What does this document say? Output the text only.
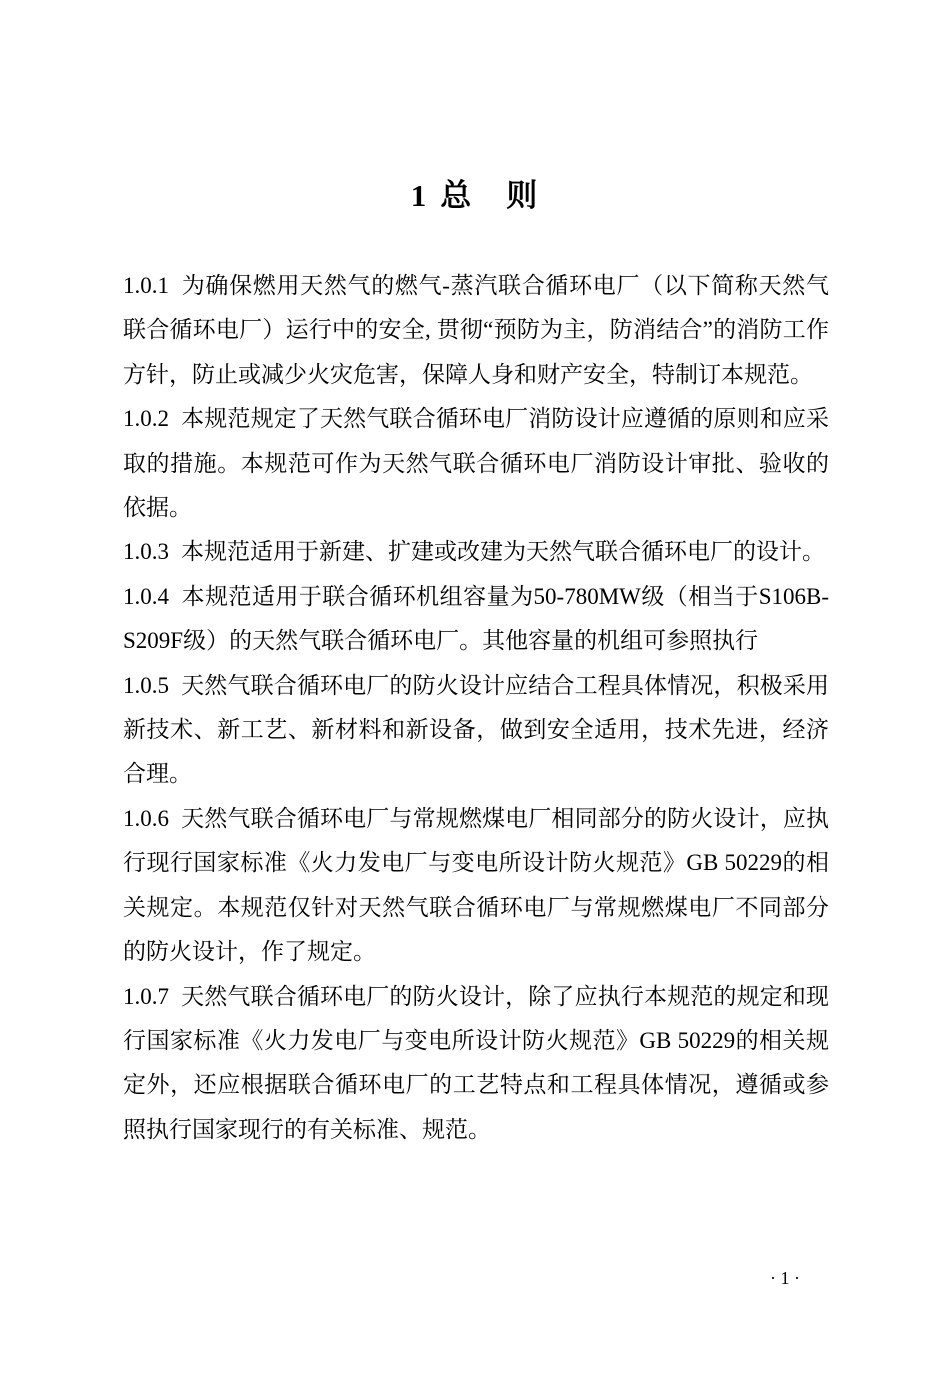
1 总　则

1.0.1 为确保燃用天然气的燃气-蒸汽联合循环电厂（以下简称天然气联合循环电厂）运行中的安全, 贯彻“预防为主，防消结合”的消防工作方针，防止或减少火灾危害，保障人身和财产安全，特制订本规范。

1.0.2 本规范规定了天然气联合循环电厂消防设计应遵循的原则和应采取的措施。本规范可作为天然气联合循环电厂消防设计审批、验收的依据。

1.0.3 本规范适用于新建、扩建或改建为天然气联合循环电厂的设计。

1.0.4 本规范适用于联合循环机组容量为50-780MW级（相当于S106B-S209F级）的天然气联合循环电厂。其他容量的机组可参照执行

1.0.5 天然气联合循环电厂的防火设计应结合工程具体情况，积极采用新技术、新工艺、新材料和新设备，做到安全适用，技术先进，经济合理。

1.0.6 天然气联合循环电厂与常规燃煤电厂相同部分的防火设计，应执行现行国家标准《火力发电厂与变电所设计防火规范》GB 50229的相关规定。本规范仅针对天然气联合循环电厂与常规燃煤电厂不同部分的防火设计，作了规定。

1.0.7 天然气联合循环电厂的防火设计，除了应执行本规范的规定和现行国家标准《火力发电厂与变电所设计防火规范》GB 50229的相关规定外，还应根据联合循环电厂的工艺特点和工程具体情况，遵循或参照执行国家现行的有关标准、规范。

· 1 ·
